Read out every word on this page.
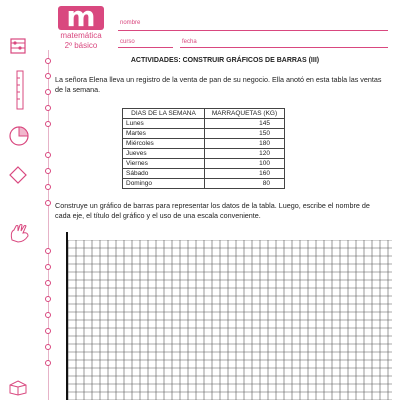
m
matemática
2º básico
nombre
curso	fecha
ACTIVIDADES: CONSTRUIR GRÁFICOS DE BARRAS (III)
La señora Elena lleva un registro de la venta de pan de su negocio. Ella anotó en esta tabla las ventas de la semana.
DIAS DE LA SEMANA	MARRAQUETAS (KG)
Lunes	145
Martes	150
Miércoles	180
Jueves	120
Viernes	100
Sábado	160
Domingo	80
Construye un gráfico de barras para representar los datos de la tabla. Luego, escribe el nombre de cada eje, el título del gráfico y el uso de una escala conveniente.
